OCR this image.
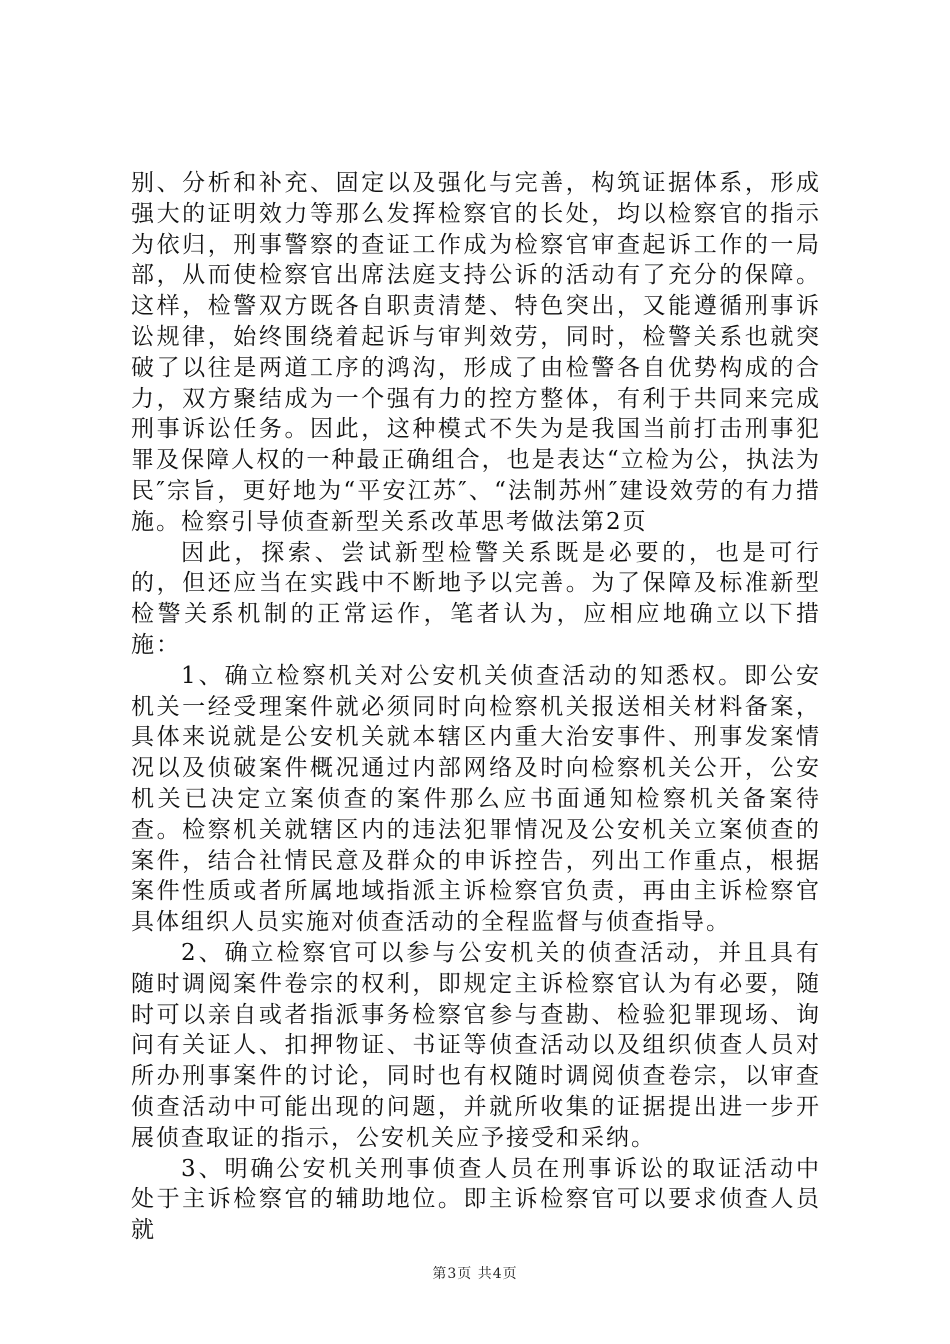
别、分析和补充、固定以及强化与完善，构筑证据体系，形成强大的证明效力等那么发挥检察官的长处，均以检察官的指示为依归，刑事警察的查证工作成为检察官审查起诉工作的一局部，从而使检察官出席法庭支持公诉的活动有了充分的保障。这样，检警双方既各自职责清楚、特色突出，又能遵循刑事诉讼规律，始终围绕着起诉与审判效劳，同时，检警关系也就突破了以往是两道工序的鸿沟，形成了由检警各自优势构成的合力，双方聚结成为一个强有力的控方整体，有利于共同来完成刑事诉讼任务。因此，这种模式不失为是我国当前打击刑事犯罪及保障人权的一种最正确组合，也是表达“立检为公，执法为民″宗旨，更好地为“平安江苏″、“法制苏州″建设效劳的有力措施。检察引导侦查新型关系改革思考做法第2页

因此，探索、尝试新型检警关系既是必要的，也是可行的，但还应当在实践中不断地予以完善。为了保障及标准新型检警关系机制的正常运作，笔者认为，应相应地确立以下措施：

1、确立检察机关对公安机关侦查活动的知悉权。即公安机关一经受理案件就必须同时向检察机关报送相关材料备案，具体来说就是公安机关就本辖区内重大治安事件、刑事发案情况以及侦破案件概况通过内部网络及时向检察机关公开，公安机关已决定立案侦查的案件那么应书面通知检察机关备案待查。检察机关就辖区内的违法犯罪情况及公安机关立案侦查的案件，结合社情民意及群众的申诉控告，列出工作重点，根据案件性质或者所属地域指派主诉检察官负责，再由主诉检察官具体组织人员实施对侦查活动的全程监督与侦查指导。

2、确立检察官可以参与公安机关的侦查活动，并且具有随时调阅案件卷宗的权利，即规定主诉检察官认为有必要，随时可以亲自或者指派事务检察官参与查勘、检验犯罪现场、询问有关证人、扣押物证、书证等侦查活动以及组织侦查人员对所办刑事案件的讨论，同时也有权随时调阅侦查卷宗，以审查侦查活动中可能出现的问题，并就所收集的证据提出进一步开展侦查取证的指示，公安机关应予接受和采纳。

3、明确公安机关刑事侦查人员在刑事诉讼的取证活动中处于主诉检察官的辅助地位。即主诉检察官可以要求侦查人员就

第3页 共4页
